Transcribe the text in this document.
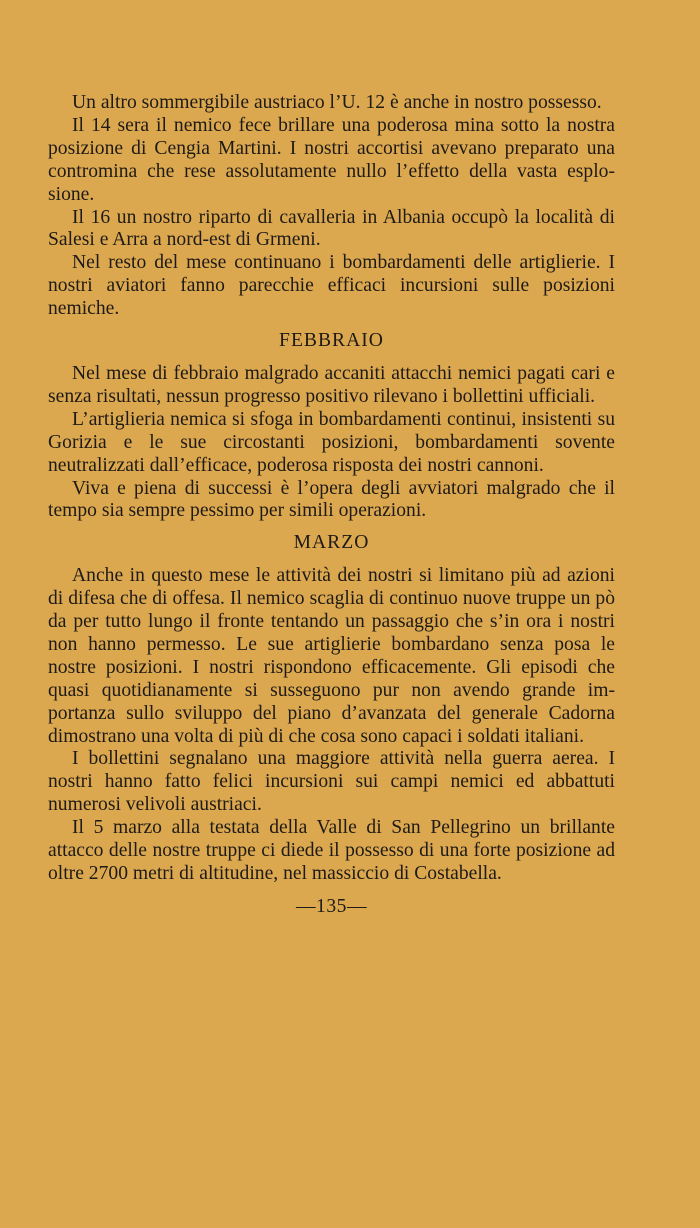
Un altro sommergibile austriaco l’U. 12 è anche in nostro possesso.

Il 14 sera il nemico fece brillare una poderosa mina sotto la nostra posizione di Cengia Martini. I nostri accortisi avevano preparato una contromina che rese assolutamente nullo l’effetto della vasta esplosione.

Il 16 un nostro riparto di cavalleria in Albania occupò la località di Salesi e Arra a nord-est di Grmeni.

Nel resto del mese continuano i bombardamenti delle artiglierie. I nostri aviatori fanno parecchie efficaci incursioni sulle posizioni nemiche.

FEBBRAIO

Nel mese di febbraio malgrado accaniti attacchi nemici pagati cari e senza risultati, nessun progresso positivo rilevano i bollettini ufficiali.

L’artiglieria nemica si sfoga in bombardamenti continui, insistenti su Gorizia e le sue circostanti posizioni, bombardamenti sovente neutralizzati dall’efficace, poderosa risposta dei nostri cannoni.

Viva e piena di successi è l’opera degli avviatori malgrado che il tempo sia sempre pessimo per simili operazioni.

MARZO

Anche in questo mese le attività dei nostri si limitano più ad azioni di difesa che di offesa. Il nemico scaglia di continuo nuove truppe un pò da per tutto lungo il fronte tentando un passaggio che s’in ora i nostri non hanno permesso. Le sue artiglierie bombardano senza posa le nostre posizioni. I nostri rispondono efficacemente. Gli episodi che quasi quotidianamente si susseguono pur non avendo grande importanza sullo sviluppo del piano d’avanzata del generale Cadorna dimostrano una volta di più di che cosa sono capaci i soldati italiani.

I bollettini segnalano una maggiore attività nella guerra aerea. I nostri hanno fatto felici incursioni sui campi nemici ed abbattuti numerosi velivoli austriaci.

Il 5 marzo alla testata della Valle di San Pellegrino un brillante attacco delle nostre truppe ci diede il possesso di una forte posizione ad oltre 2700 metri di altitudine, nel massiccio di Costabella.

—135—
